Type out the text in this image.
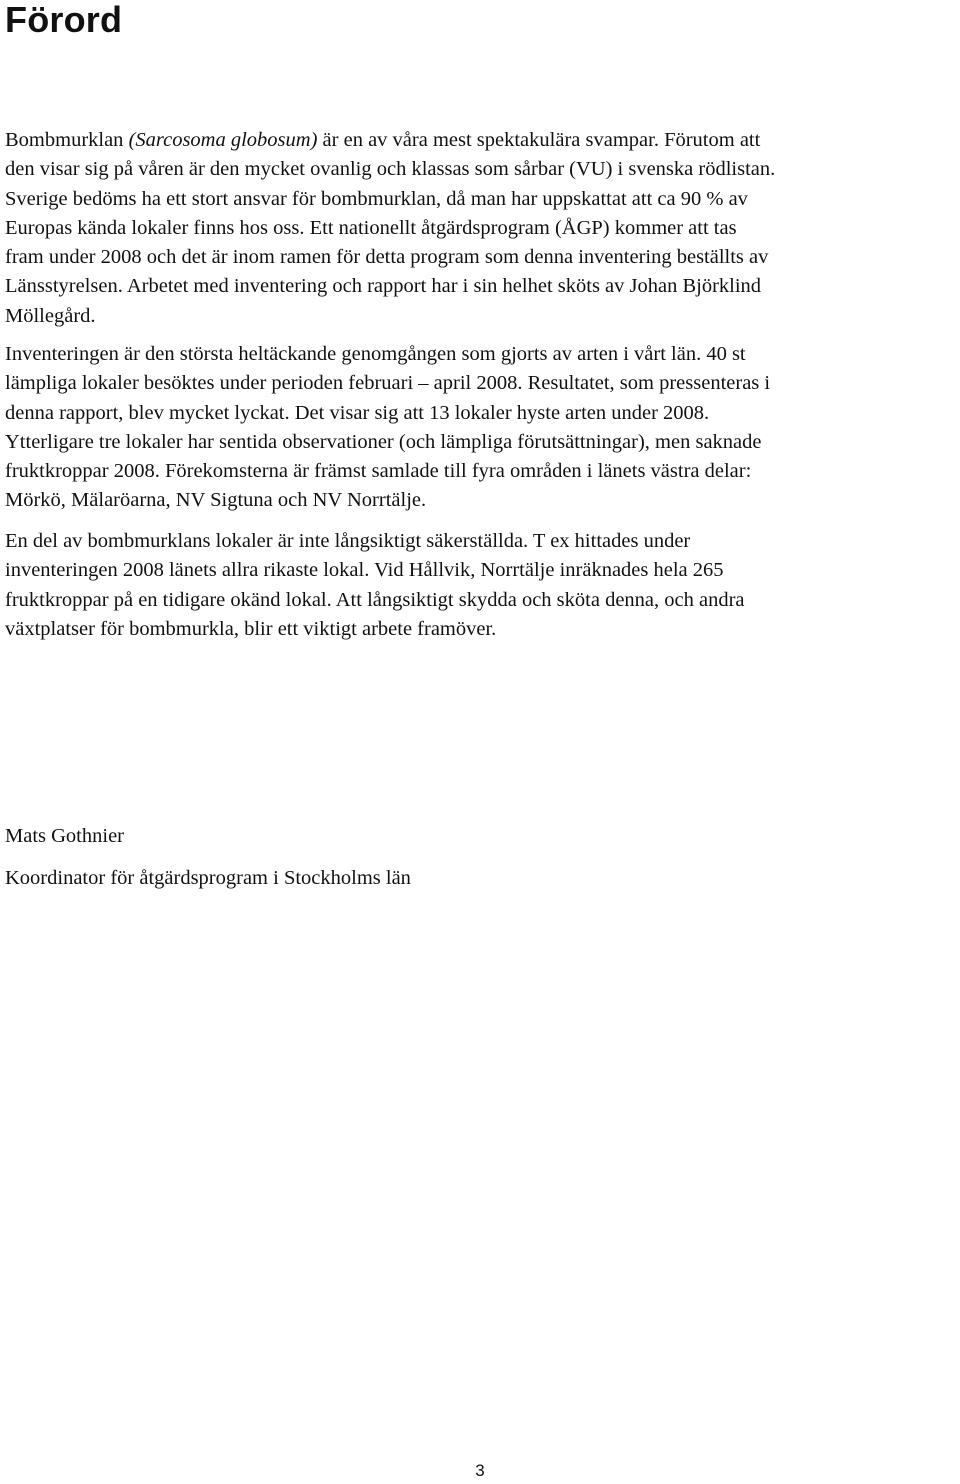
Förord

Bombmurklan (Sarcosoma globosum) är en av våra mest spektakulära svampar. Förutom att
den visar sig på våren är den mycket ovanlig och klassas som sårbar (VU) i svenska rödlistan.
Sverige bedöms ha ett stort ansvar för bombmurklan, då man har uppskattat att ca 90 % av
Europas kända lokaler finns hos oss. Ett nationellt åtgärdsprogram (ÅGP) kommer att tas
fram under 2008 och det är inom ramen för detta program som denna inventering beställts av
Länsstyrelsen. Arbetet med inventering och rapport har i sin helhet sköts av Johan Björklind
Möllegård.

Inventeringen är den största heltäckande genomgången som gjorts av arten i vårt län. 40 st
lämpliga lokaler besöktes under perioden februari – april 2008. Resultatet, som pressenteras i
denna rapport, blev mycket lyckat. Det visar sig att 13 lokaler hyste arten under 2008.
Ytterligare tre lokaler har sentida observationer (och lämpliga förutsättningar), men saknade
fruktkroppar 2008. Förekomsterna är främst samlade till fyra områden i länets västra delar:
Mörkö, Mälaröarna, NV Sigtuna och NV Norrtälje.

En del av bombmurklans lokaler är inte långsiktigt säkerställda. T ex hittades under
inventeringen 2008 länets allra rikaste lokal. Vid Hållvik, Norrtälje inräknades hela 265
fruktkroppar på en tidigare okänd lokal. Att långsiktigt skydda och sköta denna, och andra
växtplatser för bombmurkla, blir ett viktigt arbete framöver.

Mats Gothnier

Koordinator för åtgärdsprogram i Stockholms län

3
